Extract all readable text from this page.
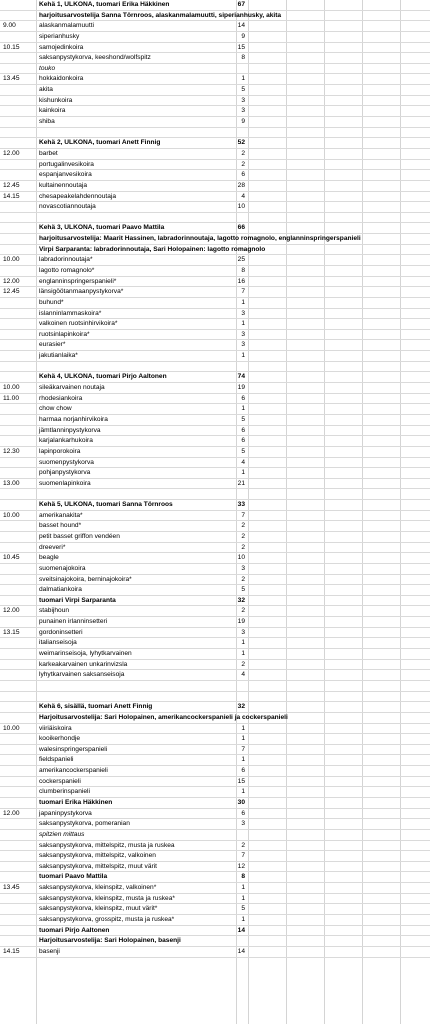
Kehä 1, ULKONA, tuomari Erika Häkkinen	67
harjoitusarvostelija Sanna Törnroos, alaskanmalamuutti, siperianhusky, akita
9.00	alaskanmalamuutti	14
siperianhusky	9
10.15	samojedinkoira	15
saksanpystykorva, keeshond/wolfspitz	8
touko
13.45	hokkaidonkoira	1
akita	5
kishunkoira	3
kainkoira	3
shiba	9
Kehä 2, ULKONA, tuomari Anett Finnig	52
12.00	barbet	2
portugalinvesikoira	2
espanjanvesikoira	6
12.45	kultainennoutaja	28
14.15	chesapeakelahdennoutaja	4
novascotiannoutaja	10
Kehä 3, ULKONA, tuomari Paavo Mattila	66
harjoitusarvostelija: Maarit Hassinen, labradorinnoutaja, lagotto romagnolo, englanninspringerspanieli
Virpi Sarparanta: labradorinnoutaja, Sari Holopainen: lagotto romagnolo
10.00	labradorinnoutaja*	25
lagotto romagnolo*	8
12.00	englanninspringerspanieli*	16
12.45	länsigöötanmaanpystykorva*	7
buhund*	1
islanninlammaskoira*	3
valkoinen ruotsinhirvikoira*	1
ruotsinlapinkoira*	3
eurasier*	3
jakutianlaika*	1
Kehä 4, ULKONA, tuomari Pirjo Aaltonen	74
10.00	sileäkarvainen noutaja	19
11.00	rhodesiankoira	6
chow chow	1
harmaa norjanhirvikoira	5
jämtlanninpystykorva	6
karjalankarhukoira	6
12.30	lapinporokoira	5
suomenpystykorva	4
pohjanpystykorva	1
13.00	suomenlapinkoira	21
Kehä 5, ULKONA, tuomari Sanna Törnroos	33
10.00	amerikanakita*	7
basset hound*	2
petit basset griffon vendéen	2
dreeveri*	2
10.45	beagle	10
suomenajokoira	3
sveitsinajokoira, berninajokoira*	2
dalmatiankoira	5
tuomari Virpi Sarparanta	32
12.00	stabijhoun	2
punainen irlanninsetteri	19
13.15	gordoninsetteri	3
italianseisoja	1
weimarinseisoja, lyhytkarvainen	1
karkeakarvainen unkarinvizsla	2
lyhytkarvainen saksanseisoja	4
Kehä 6, sisällä, tuomari Anett Finnig	32
Harjoitusarvostelija: Sari Holopainen, amerikancockerspanieli ja cockerspanieli
10.00	viiriäiskoira	1
kooikerhondje	1
walesinspringerspanieli	7
fieldspanieli	1
amerikancockerspanieli	6
cockerspanieli	15
clumberinspanieli	1
tuomari Erika Häkkinen	30
12.00	japaninpystykorva	6
saksanpystykorva, pomeranian	3
spitzien mittaus
saksanpystykorva, mittelspitz, musta ja ruskea	2
saksanpystykorva, mittelspitz, valkoinen	7
saksanpystykorva, mittelspitz, muut värit	12
tuomari Paavo Mattila	8
13.45	saksanpystykorva, kleinspitz, valkoinen*	1
saksanpystykorva, kleinspitz, musta ja ruskea*	1
saksanpystykorva, kleinspitz, muut värit*	5
saksanpystykorva, grosspitz, musta ja ruskea*	1
tuomari Pirjo Aaltonen	14
Harjoitusarvostelija: Sari Holopainen, basenji
14.15	basenji	14
